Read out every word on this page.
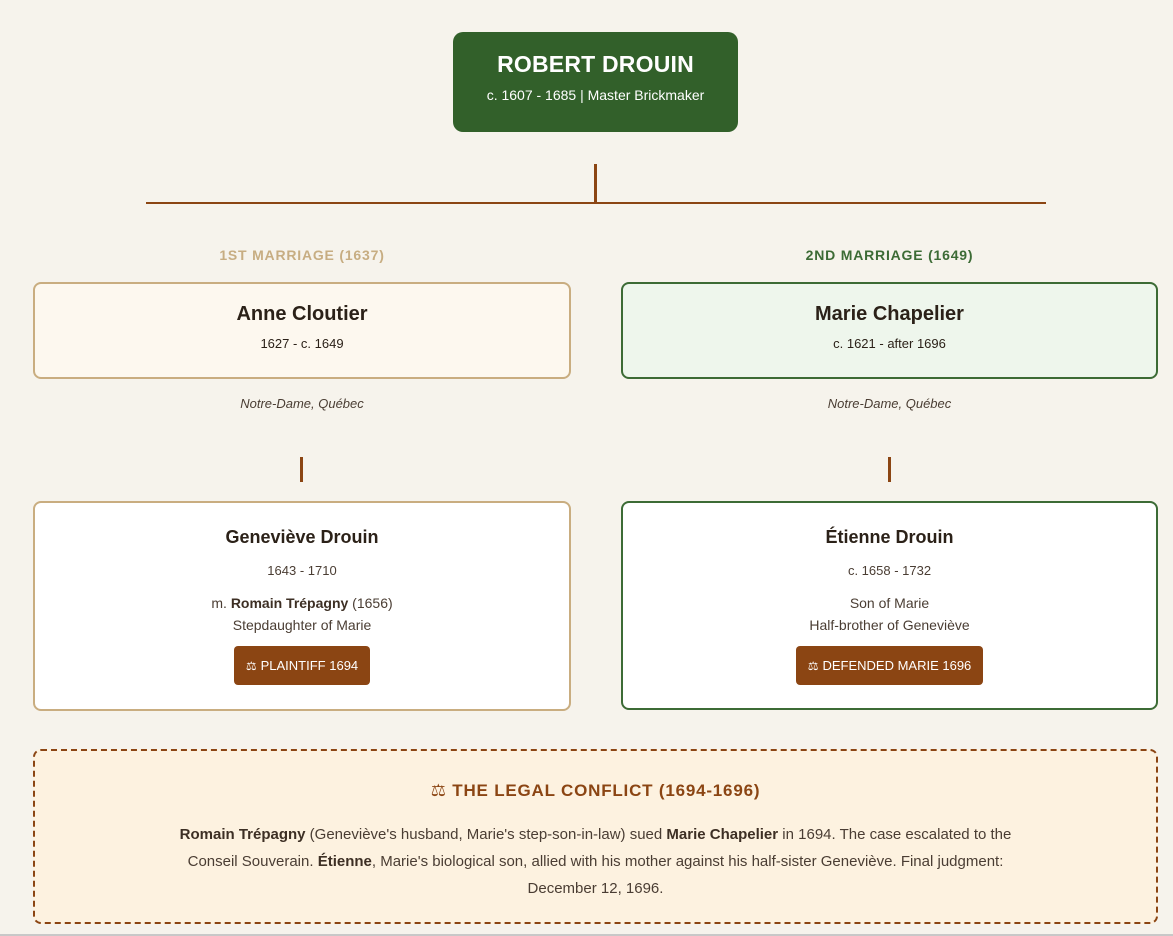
ROBERT DROUIN
c. 1607 - 1685 | Master Brickmaker
1ST MARRIAGE (1637)	2ND MARRIAGE (1649)
Anne Cloutier
1627 - c. 1649
Marie Chapelier
c. 1621 - after 1696
Notre-Dame, Québec	Notre-Dame, Québec
Geneviève Drouin
1643 - 1710
m. Romain Trépagny (1656)
Stepdaughter of Marie
⚖ PLAINTIFF 1694
Étienne Drouin
c. 1658 - 1732
Son of Marie
Half-brother of Geneviève
⚖ DEFENDED MARIE 1696
⚖ THE LEGAL CONFLICT (1694-1696)
Romain Trépagny (Geneviève's husband, Marie's step-son-in-law) sued Marie Chapelier in 1694. The case escalated to the Conseil Souverain. Étienne, Marie's biological son, allied with his mother against his half-sister Geneviève. Final judgment: December 12, 1696.
